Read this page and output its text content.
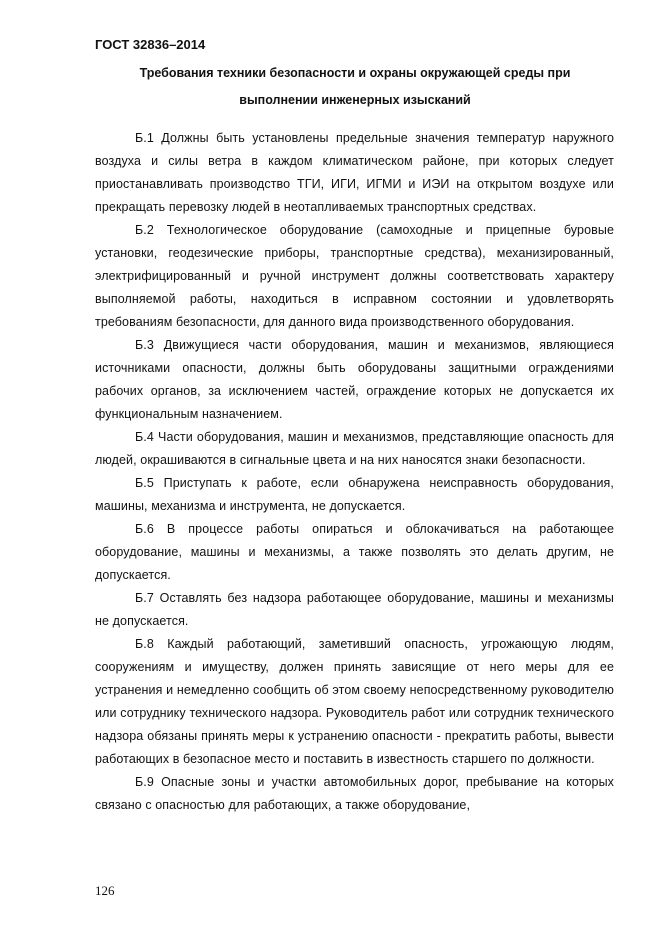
ГОСТ 32836–2014
Требования техники безопасности и охраны окружающей среды при
выполнении инженерных изысканий

Б.1 Должны быть установлены предельные значения температур наружного воздуха и силы ветра в каждом климатическом районе, при которых следует приостанавливать производство ТГИ, ИГИ, ИГМИ и ИЭИ на открытом воздухе или прекращать перевозку людей в неотапливаемых транспортных средствах.

Б.2 Технологическое оборудование (самоходные и прицепные буровые установки, геодезические приборы, транспортные средства), механизированный, электрифицированный и ручной инструмент должны соответствовать характеру выполняемой работы, находиться в исправном состоянии и удовлетворять требованиям безопасности, для данного вида производственного оборудования.

Б.3 Движущиеся части оборудования, машин и механизмов, являющиеся источниками опасности, должны быть оборудованы защитными ограждениями рабочих органов, за исключением частей, ограждение которых не допускается их функциональным назначением.

Б.4 Части оборудования, машин и механизмов, представляющие опасность для людей, окрашиваются в сигнальные цвета и на них наносятся знаки безопасности.

Б.5 Приступать к работе, если обнаружена неисправность оборудования, машины, механизма и инструмента, не допускается.

Б.6 В процессе работы опираться и облокачиваться на работающее оборудование, машины и механизмы, а также позволять это делать другим, не допускается.

Б.7 Оставлять без надзора работающее оборудование, машины и механизмы не допускается.

Б.8 Каждый работающий, заметивший опасность, угрожающую людям, сооружениям и имуществу, должен принять зависящие от него меры для ее устранения и немедленно сообщить об этом своему непосредственному руководителю или сотруднику технического надзора. Руководитель работ или сотрудник технического надзора обязаны принять меры к устранению опасности - прекратить работы, вывести работающих в безопасное место и поставить в известность старшего по должности.

Б.9 Опасные зоны и участки автомобильных дорог, пребывание на которых связано с опасностью для работающих, а также оборудование,

126
